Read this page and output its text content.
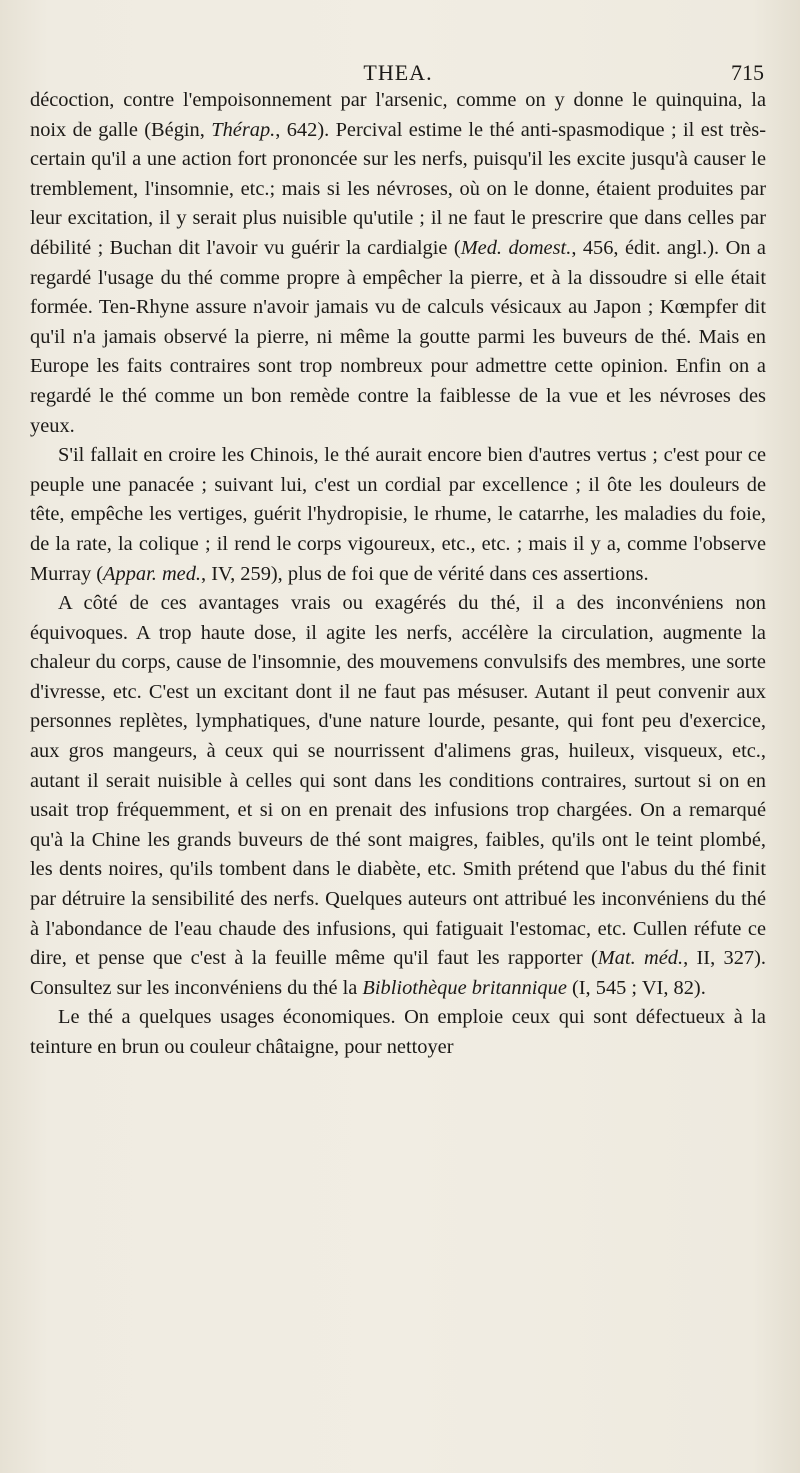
THEA.	715

décoction, contre l'empoisonnement par l'arsenic, comme on y donne le quinquina, la noix de galle (Bégin, Thérap., 642). Percival estime le thé anti-spasmodique ; il est très-certain qu'il a une action fort prononcée sur les nerfs, puisqu'il les excite jusqu'à causer le tremblement, l'insomnie, etc.; mais si les névroses, où on le donne, étaient produites par leur excitation, il y serait plus nuisible qu'utile ; il ne faut le prescrire que dans celles par débilité ; Buchan dit l'avoir vu guérir la cardialgie (Med. domest., 456, édit. angl.). On a regardé l'usage du thé comme propre à empêcher la pierre, et à la dissoudre si elle était formée. Ten-Rhyne assure n'avoir jamais vu de calculs vésicaux au Japon ; Kœmpfer dit qu'il n'a jamais observé la pierre, ni même la goutte parmi les buveurs de thé. Mais en Europe les faits contraires sont trop nombreux pour admettre cette opinion. Enfin on a regardé le thé comme un bon remède contre la faiblesse de la vue et les névroses des yeux.

S'il fallait en croire les Chinois, le thé aurait encore bien d'autres vertus ; c'est pour ce peuple une panacée ; suivant lui, c'est un cordial par excellence ; il ôte les douleurs de tête, empêche les vertiges, guérit l'hydropisie, le rhume, le catarrhe, les maladies du foie, de la rate, la colique ; il rend le corps vigoureux, etc., etc. ; mais il y a, comme l'observe Murray (Appar. med., IV, 259), plus de foi que de vérité dans ces assertions.

A côté de ces avantages vrais ou exagérés du thé, il a des inconvéniens non équivoques. A trop haute dose, il agite les nerfs, accélère la circulation, augmente la chaleur du corps, cause de l'insomnie, des mouvemens convulsifs des membres, une sorte d'ivresse, etc. C'est un excitant dont il ne faut pas mésuser. Autant il peut convenir aux personnes replètes, lymphatiques, d'une nature lourde, pesante, qui font peu d'exercice, aux gros mangeurs, à ceux qui se nourrissent d'alimens gras, huileux, visqueux, etc., autant il serait nuisible à celles qui sont dans les conditions contraires, surtout si on en usait trop fréquemment, et si on en prenait des infusions trop chargées. On a remarqué qu'à la Chine les grands buveurs de thé sont maigres, faibles, qu'ils ont le teint plombé, les dents noires, qu'ils tombent dans le diabète, etc. Smith prétend que l'abus du thé finit par détruire la sensibilité des nerfs. Quelques auteurs ont attribué les inconvéniens du thé à l'abondance de l'eau chaude des infusions, qui fatiguait l'estomac, etc. Cullen réfute ce dire, et pense que c'est à la feuille même qu'il faut les rapporter (Mat. méd., II, 327). Consultez sur les inconvéniens du thé la Bibliothèque britannique (I, 545 ; VI, 82).

Le thé a quelques usages économiques. On emploie ceux qui sont défectueux à la teinture en brun ou couleur châtaigne, pour nettoyer
